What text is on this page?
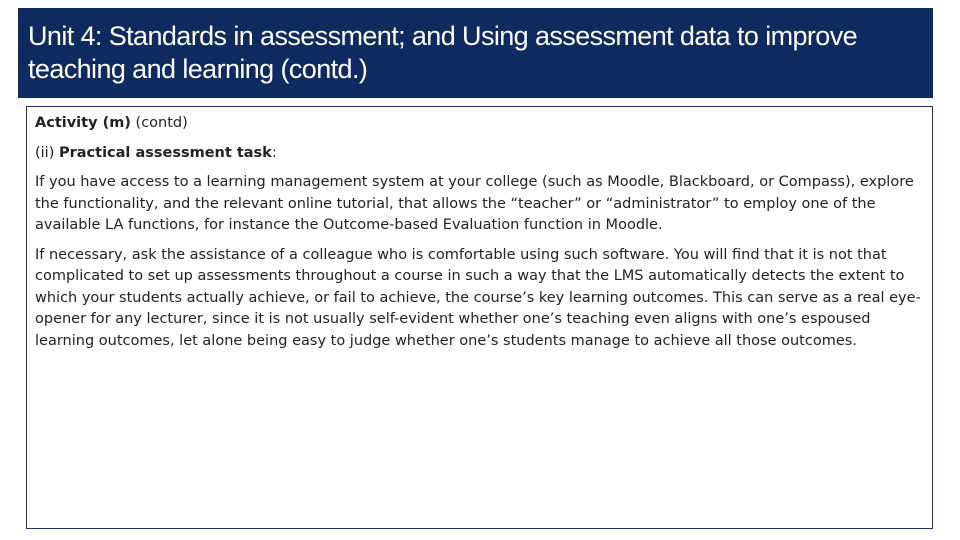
Unit 4: Standards in assessment; and Using assessment data to improve teaching and learning (contd.)

Activity (m) (contd)

(ii) Practical assessment task:

If you have access to a learning management system at your college (such as Moodle, Blackboard, or Compass), explore the functionality, and the relevant online tutorial, that allows the “teacher” or “administrator” to employ one of the available LA functions, for instance the Outcome-based Evaluation function in Moodle.

If necessary, ask the assistance of a colleague who is comfortable using such software. You will find that it is not that complicated to set up assessments throughout a course in such a way that the LMS automatically detects the extent to which your students actually achieve, or fail to achieve, the course’s key learning outcomes. This can serve as a real eye-opener for any lecturer, since it is not usually self-evident whether one’s teaching even aligns with one’s espoused learning outcomes, let alone being easy to judge whether one’s students manage to achieve all those outcomes.
